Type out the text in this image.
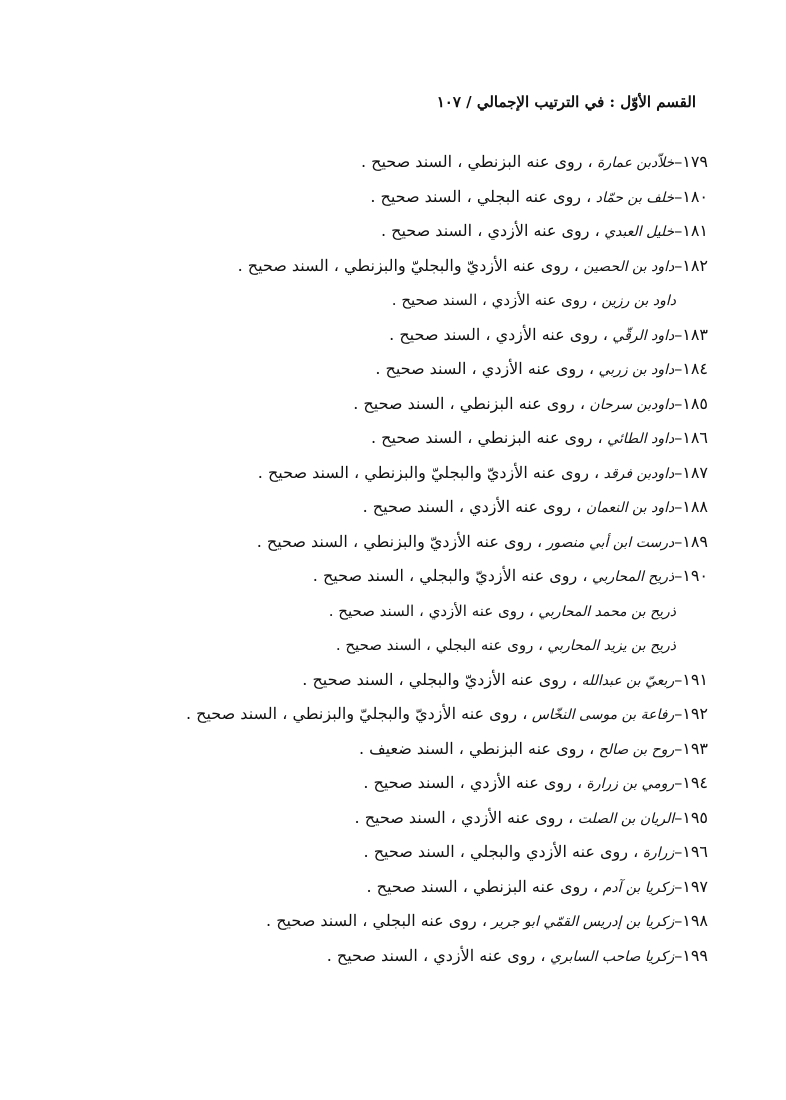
القسم الأوّل : في الترتيب الإجمالي / ١٠٧
١٧٩–خلاّدبن عمارة ، روى عنه البزنطي ، السند صحيح .
١٨٠–خلف بن حمّاد ، روى عنه البجلي ، السند صحيح .
١٨١–خليل العبدي ، روى عنه الأزدي ، السند صحيح .
١٨٢–داود بن الحصين ، روى عنه الأزديّ والبجليّ والبزنطي ، السند صحيح .
داود بن رزين ، روى عنه الأزدي ، السند صحيح .
١٨٣–داود الرقّي ، روى عنه الأزدي ، السند صحيح .
١٨٤–داود بن زربي ، روى عنه الأزدي ، السند صحيح .
١٨٥–داودبن سرحان ، روى عنه البزنطي ، السند صحيح .
١٨٦–داود الطائي ، روى عنه البزنطي ، السند صحيح .
١٨٧–داودبن فرقد ، روى عنه الأزديّ والبجليّ والبزنطي ، السند صحيح .
١٨٨–داود بن النعمان ، روى عنه الأزدي ، السند صحيح .
١٨٩–درست ابن أبي منصور ، روى عنه الأزديّ والبزنطي ، السند صحيح .
١٩٠–ذريح المحاربي ، روى عنه الأزديّ والبجلي ، السند صحيح .
ذريح بن محمد المحاربي ، روى عنه الأزدي ، السند صحيح .
ذريح بن يزيد المحاربي ، روى عنه البجلي ، السند صحيح .
١٩١–ربعيّ بن عبدالله ، روى عنه الأزديّ والبجلي ، السند صحيح .
١٩٢–رفاعة بن موسى النخّاس ، روى عنه الأزديّ والبجليّ والبزنطي ، السند صحيح .
١٩٣–روح بن صالح ، روى عنه البزنطي ، السند ضعيف .
١٩٤–رومي بن زرارة ، روى عنه الأزدي ، السند صحيح .
١٩٥–الريان بن الصلت ، روى عنه الأزدي ، السند صحيح .
١٩٦–زرارة ، روى عنه الأزدي والبجلي ، السند صحيح .
١٩٧–زكريا بن آدم ، روى عنه البزنطي ، السند صحيح .
١٩٨–زكريا بن إدريس القمّي ابو جرير ، روى عنه البجلي ، السند صحيح .
١٩٩–زكريا صاحب السابري ، روى عنه الأزدي ، السند صحيح .
